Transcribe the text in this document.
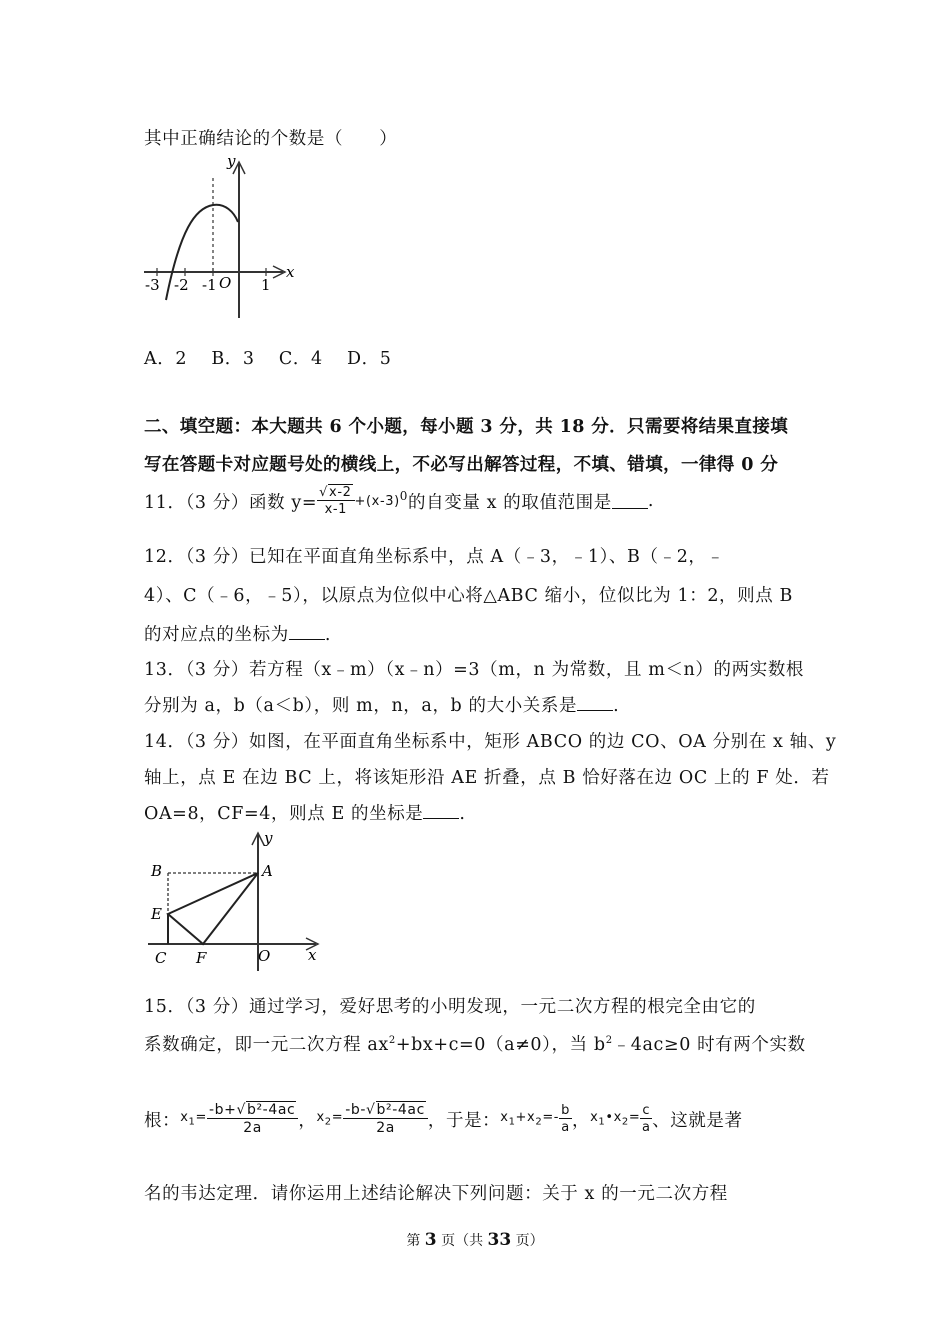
其中正确结论的个数是（　　）
y
x
-3 -2 -1 O 1
A．2　 B．3　 C．4　 D．5
二、填空题：本大题共 6 个小题，每小题 3 分，共 18 分．只需要将结果直接填
写在答题卡对应题号处的横线上，不必写出解答过程，不填、错填，一律得 0 分
11．（3 分）函数 $y= \frac{√x-2}{x-1} +(x-3)^0$ 的自变量 x 的取值范围是 .
12．（3 分）已知在平面直角坐标系中，点 A（﹣3，﹣1）、B（﹣2，﹣
4）、C（﹣6，﹣5），以原点为位似中心将△ABC 缩小，位似比为 1：2，则点 B
的对应点的坐标为 .
13．（3 分）若方程（x﹣m）（x﹣n）=3（m，n 为常数，且 m＜n）的两实数根
分别为 a，b（a＜b），则 m，n，a，b 的大小关系是 .
14．（3 分）如图，在平面直角坐标系中，矩形 ABCO 的边 CO、OA 分别在 x 轴、y
轴上，点 E 在边 BC 上，将该矩形沿 AE 折叠，点 B 恰好落在边 OC 上的 F 处．若
OA=8，CF=4，则点 E 的坐标是 .
y
x
B	A
E
C F	O
15．（3 分）通过学习，爱好思考的小明发现，一元二次方程的根完全由它的
系数确定，即一元二次方程 $ax^2+bx+c=0(a\ne 0)$，当 $b^2﹣4ac\ge 0$ 时有两个实数
根： $x_1= \frac{\text{-b+√b²-4ac}}{2a}$ ， $x_2= \frac{\text{-b-√b²-4ac}}{2a}$ ，于是： $x_1+x_2=- \frac{b}{a}$ ， $x_1•x_2= \frac{c}{a}$ 、这就是著
名的韦达定理．请你运用上述结论解决下列问题：关于 x 的一元二次方程
第 3 页（共 33 页）
